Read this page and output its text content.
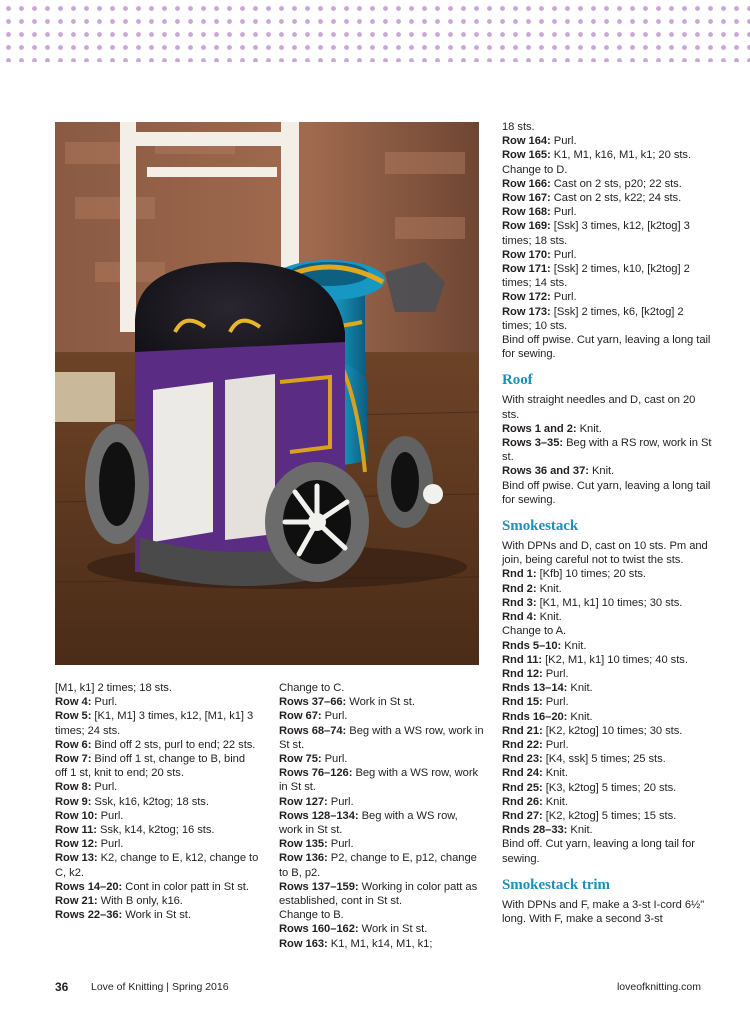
[M1, k1] 2 times; 18 sts.

Row 4: Purl.

Row 5: [K1, M1] 3 times, k12, [M1, k1] 3 times; 24 sts.

Row 6: Bind off 2 sts, purl to end; 22 sts.

Row 7: Bind off 1 st, change to B, bind off 1 st, knit to end; 20 sts.

Row 8: Purl.

Row 9: Ssk, k16, k2tog; 18 sts.

Row 10: Purl.

Row 11: Ssk, k14, k2tog; 16 sts.

Row 12: Purl.

Row 13: K2, change to E, k12, change to C, k2.

Rows 14–20: Cont in color patt in St st.

Row 21: With B only, k16.

Rows 22–36: Work in St st.

Change to C.

Rows 37–66: Work in St st.

Row 67: Purl.

Rows 68–74: Beg with a WS row, work in St st.

Row 75: Purl.

Rows 76–126: Beg with a WS row, work in St st.

Row 127: Purl.

Rows 128–134: Beg with a WS row, work in St st.

Row 135: Purl.

Row 136: P2, change to E, p12, change to B, p2.

Rows 137–159: Working in color patt as established, cont in St st.

Change to B.

Rows 160–162: Work in St st.

Row 163: K1, M1, k14, M1, k1;

18 sts.

Row 164: Purl.

Row 165: K1, M1, k16, M1, k1; 20 sts.

Change to D.

Row 166: Cast on 2 sts, p20; 22 sts.

Row 167: Cast on 2 sts, k22; 24 sts.

Row 168: Purl.

Row 169: [Ssk] 3 times, k12, [k2tog] 3 times; 18 sts.

Row 170: Purl.

Row 171: [Ssk] 2 times, k10, [k2tog] 2 times; 14 sts.

Row 172: Purl.

Row 173: [Ssk] 2 times, k6, [k2tog] 2 times; 10 sts.

Bind off pwise. Cut yarn, leaving a long tail for sewing.

Roof

With straight needles and D, cast on 20 sts.

Rows 1 and 2: Knit.

Rows 3–35: Beg with a RS row, work in St st.

Rows 36 and 37: Knit.

Bind off pwise. Cut yarn, leaving a long tail for sewing.

Smokestack

With DPNs and D, cast on 10 sts. Pm and join, being careful not to twist the sts.

Rnd 1: [Kfb] 10 times; 20 sts.

Rnd 2: Knit.

Rnd 3: [K1, M1, k1] 10 times; 30 sts.

Rnd 4: Knit.

Change to A.

Rnds 5–10: Knit.

Rnd 11: [K2, M1, k1] 10 times; 40 sts.

Rnd 12: Purl.

Rnds 13–14: Knit.

Rnd 15: Purl.

Rnds 16–20: Knit.

Rnd 21: [K2, k2tog] 10 times; 30 sts.

Rnd 22: Purl.

Rnd 23: [K4, ssk] 5 times; 25 sts.

Rnd 24: Knit.

Rnd 25: [K3, k2tog] 5 times; 20 sts.

Rnd 26: Knit.

Rnd 27: [K2, k2tog] 5 times; 15 sts.

Rnds 28–33: Knit.

Bind off. Cut yarn, leaving a long tail for sewing.

Smokestack trim

With DPNs and F, make a 3-st I-cord 6½" long. With F, make a second 3-st

36 Love of Knitting | Spring 2016	loveofknitting.com
